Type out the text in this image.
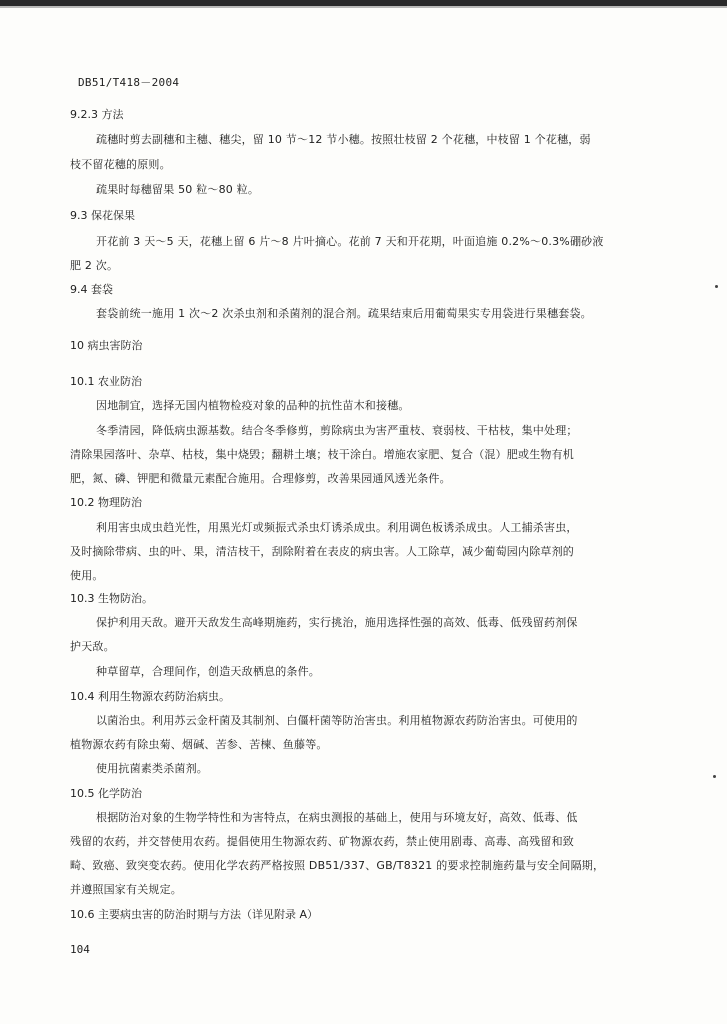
DB51/T418－2004
9.2.3 方法
疏穗时剪去副穗和主穗、穗尖，留 10 节～12 节小穗。按照壮枝留 2 个花穗，中枝留 1 个花穗，弱
枝不留花穗的原则。
疏果时每穗留果 50 粒～80 粒。
9.3 保花保果
开花前 3 天～5 天，花穗上留 6 片～8 片叶摘心。花前 7 天和开花期，叶面追施 0.2%～0.3%硼砂液
肥 2 次。
9.4 套袋
套袋前统一施用 1 次～2 次杀虫剂和杀菌剂的混合剂。疏果结束后用葡萄果实专用袋进行果穗套袋。
10 病虫害防治
10.1 农业防治
因地制宜，选择无国内植物检疫对象的品种的抗性苗木和接穗。
冬季清园，降低病虫源基数。结合冬季修剪，剪除病虫为害严重枝、衰弱枝、干枯枝，集中处理；
清除果园落叶、杂草、枯枝，集中烧毁；翻耕土壤；枝干涂白。增施农家肥、复合（混）肥或生物有机
肥，氮、磷、钾肥和微量元素配合施用。合理修剪，改善果园通风透光条件。
10.2 物理防治
利用害虫成虫趋光性，用黑光灯或频振式杀虫灯诱杀成虫。利用调色板诱杀成虫。人工捕杀害虫，
及时摘除带病、虫的叶、果，清洁枝干，刮除附着在表皮的病虫害。人工除草，减少葡萄园内除草剂的
使用。
10.3 生物防治。
保护利用天敌。避开天敌发生高峰期施药，实行挑治，施用选择性强的高效、低毒、低残留药剂保
护天敌。
种草留草，合理间作，创造天敌栖息的条件。
10.4 利用生物源农药防治病虫。
以菌治虫。利用苏云金杆菌及其制剂、白僵杆菌等防治害虫。利用植物源农药防治害虫。可使用的
植物源农药有除虫菊、烟碱、苦参、苦楝、鱼藤等。
使用抗菌素类杀菌剂。
10.5 化学防治
根据防治对象的生物学特性和为害特点，在病虫测报的基础上，使用与环境友好，高效、低毒、低
残留的农药，并交替使用农药。提倡使用生物源农药、矿物源农药，禁止使用剧毒、高毒、高残留和致
畸、致癌、致突变农药。使用化学农药严格按照 DB51/337、GB/T8321 的要求控制施药量与安全间隔期，
并遵照国家有关规定。
10.6 主要病虫害的防治时期与方法（详见附录 A）
104
